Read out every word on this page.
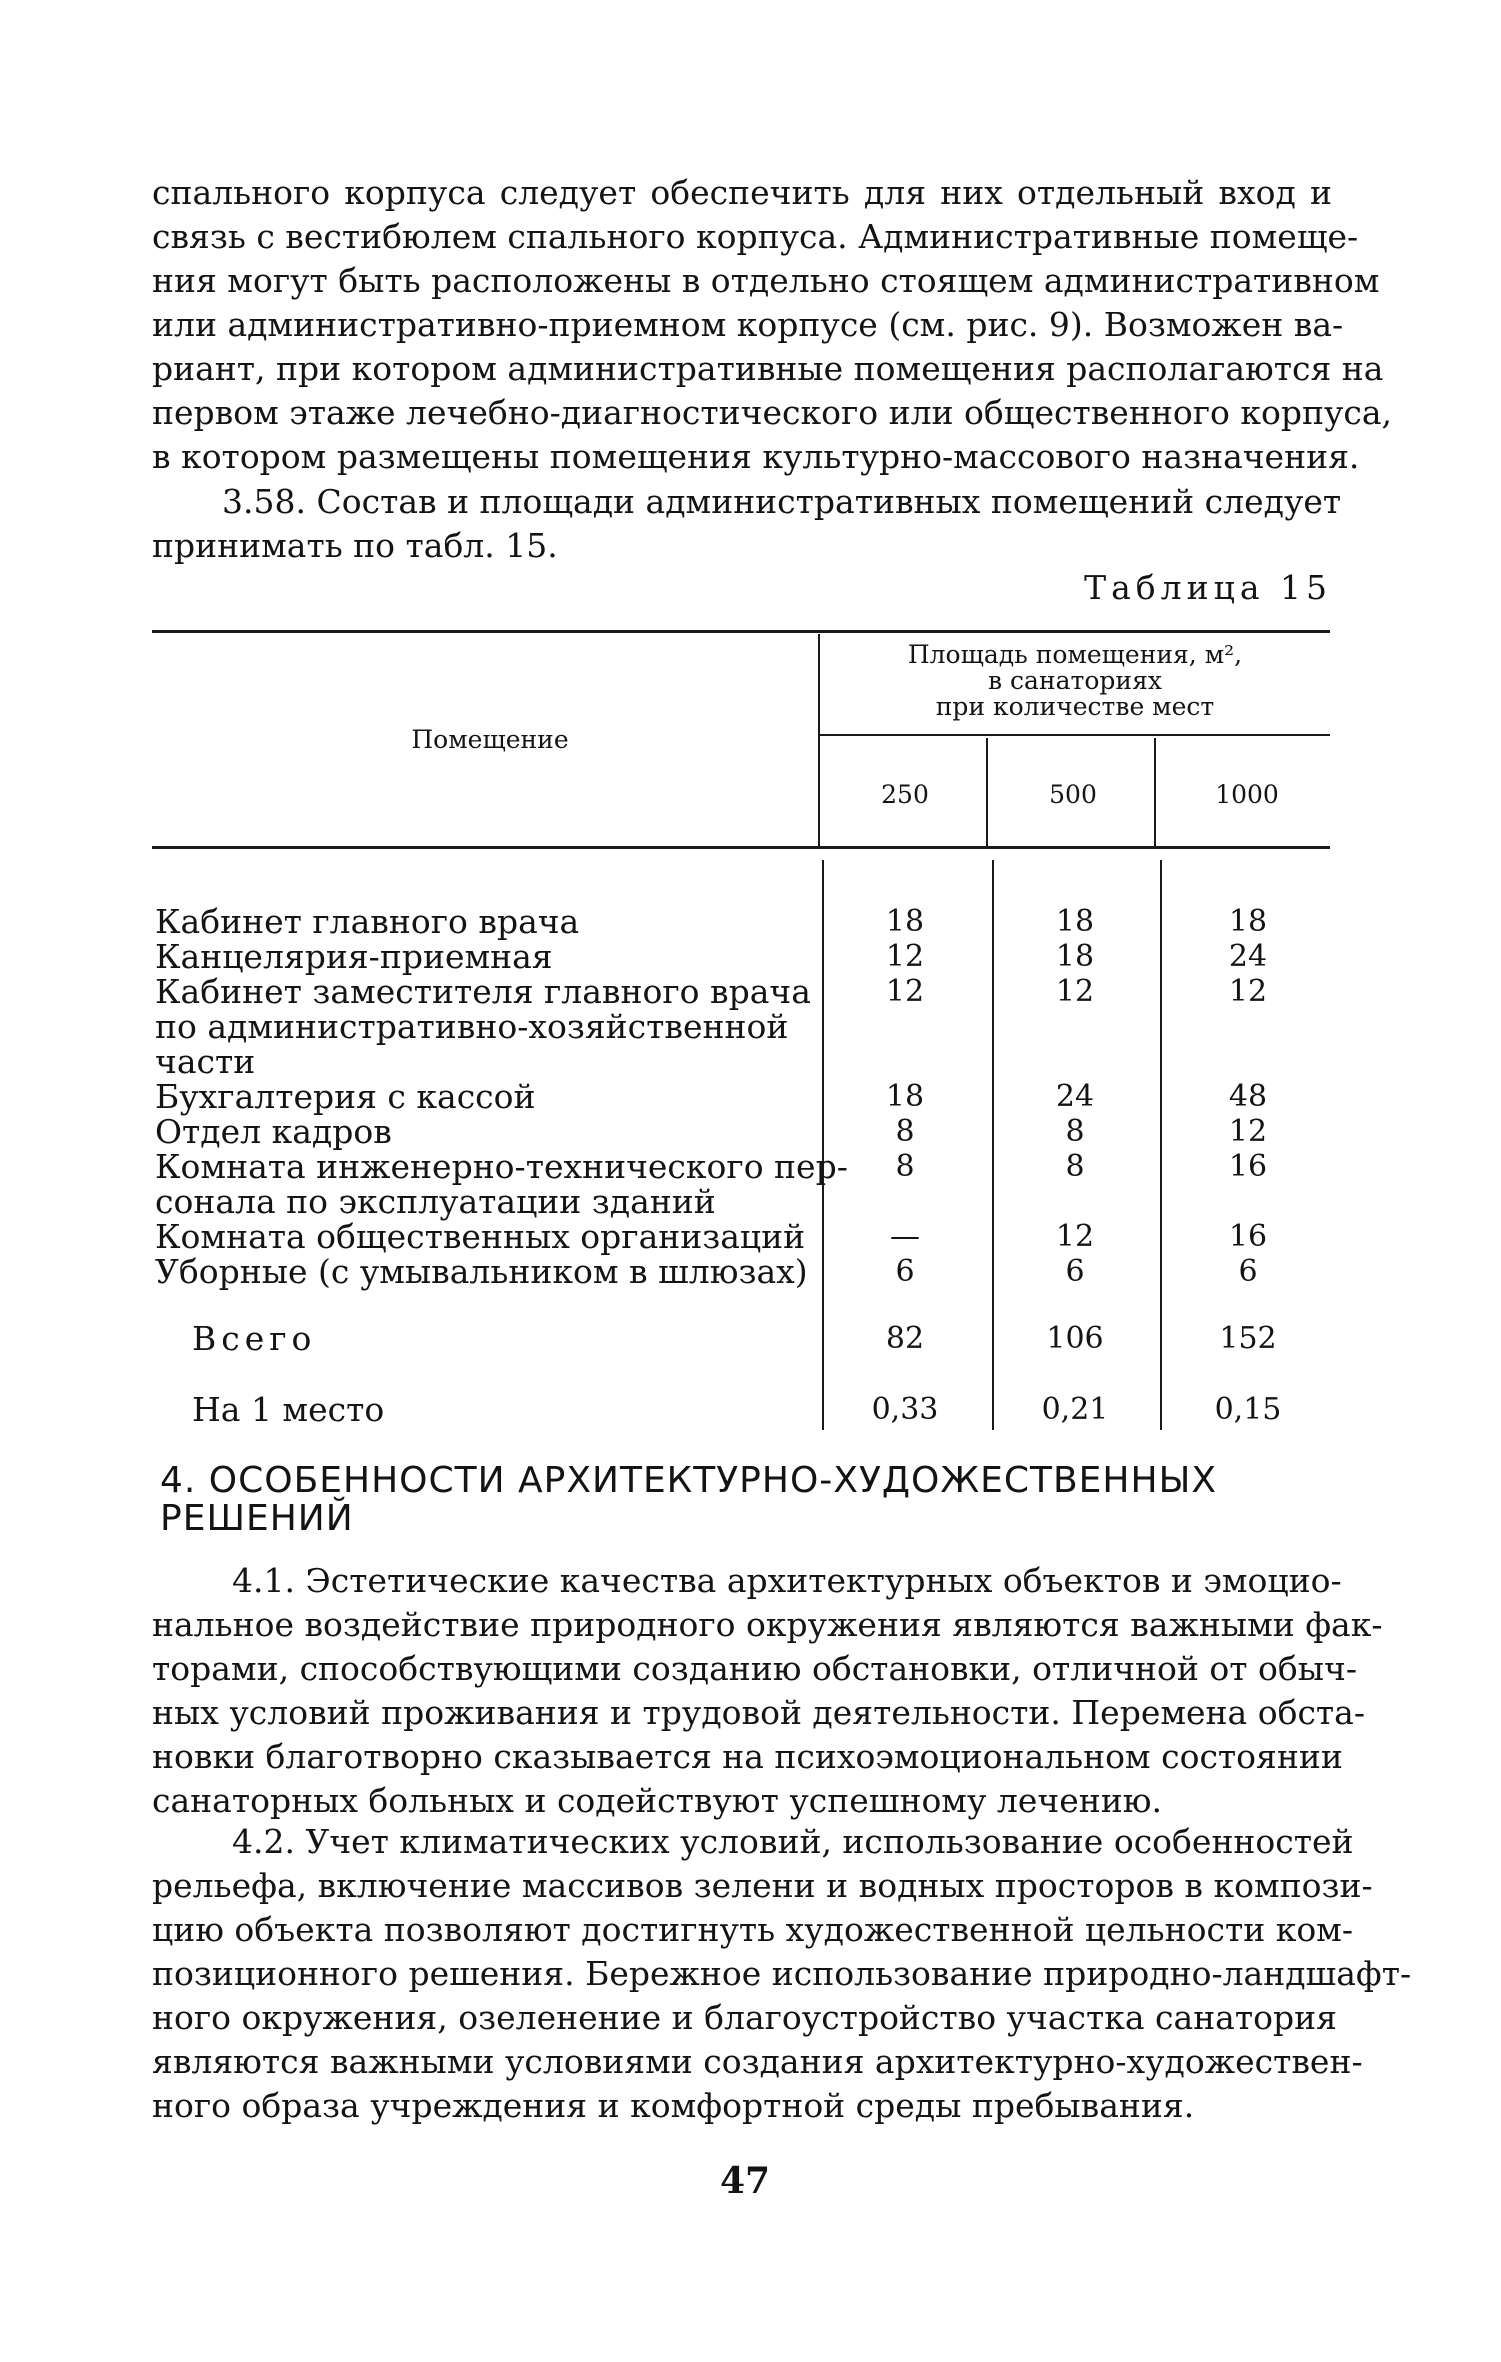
спального корпуса следует обеспечить для них отдельный вход и
связь с вестибюлем спального корпуса. Административные помеще-
ния могут быть расположены в отдельно стоящем административном
или административно-приемном корпусе (см. рис. 9). Возможен ва-
риант, при котором административные помещения располагаются на
первом этаже лечебно-диагностического или общественного корпуса,
в котором размещены помещения культурно-массового назначения.
3.58. Состав и площади административных помещений следует
принимать по табл. 15.
Таблица 15
Помещение
Площадь помещения, м²,
в санаториях
при количестве мест
250	500	1000
Кабинет главного врача	18	18	18
Канцелярия-приемная	12	18	24
Кабинет заместителя главного врача
по административно-хозяйственной
части
12	12	12
Бухгалтерия с кассой	18	24	48
Отдел кадров	8	8	12
Комната инженерно-технического пер-
сонала по эксплуатации зданий
8	8	16
Комната общественных организаций	—	12	16
Уборные (с умывальником в шлюзах)	6	6	6
Всего	82	106	152
На 1 место	0,33	0,21	0,15
4. ОСОБЕННОСТИ АРХИТЕКТУРНО-ХУДОЖЕСТВЕННЫХ
РЕШЕНИЙ
4.1. Эстетические качества архитектурных объектов и эмоцио-
нальное воздействие природного окружения являются важными фак-
торами, способствующими созданию обстановки, отличной от обыч-
ных условий проживания и трудовой деятельности. Перемена обста-
новки благотворно сказывается на психоэмоциональном состоянии
санаторных больных и содействуют успешному лечению.
4.2. Учет климатических условий, использование особенностей
рельефа, включение массивов зелени и водных просторов в компози-
цию объекта позволяют достигнуть художественной цельности ком-
позиционного решения. Бережное использование природно-ландшафт-
ного окружения, озеленение и благоустройство участка санатория
являются важными условиями создания архитектурно-художествен-
ного образа учреждения и комфортной среды пребывания.
47
